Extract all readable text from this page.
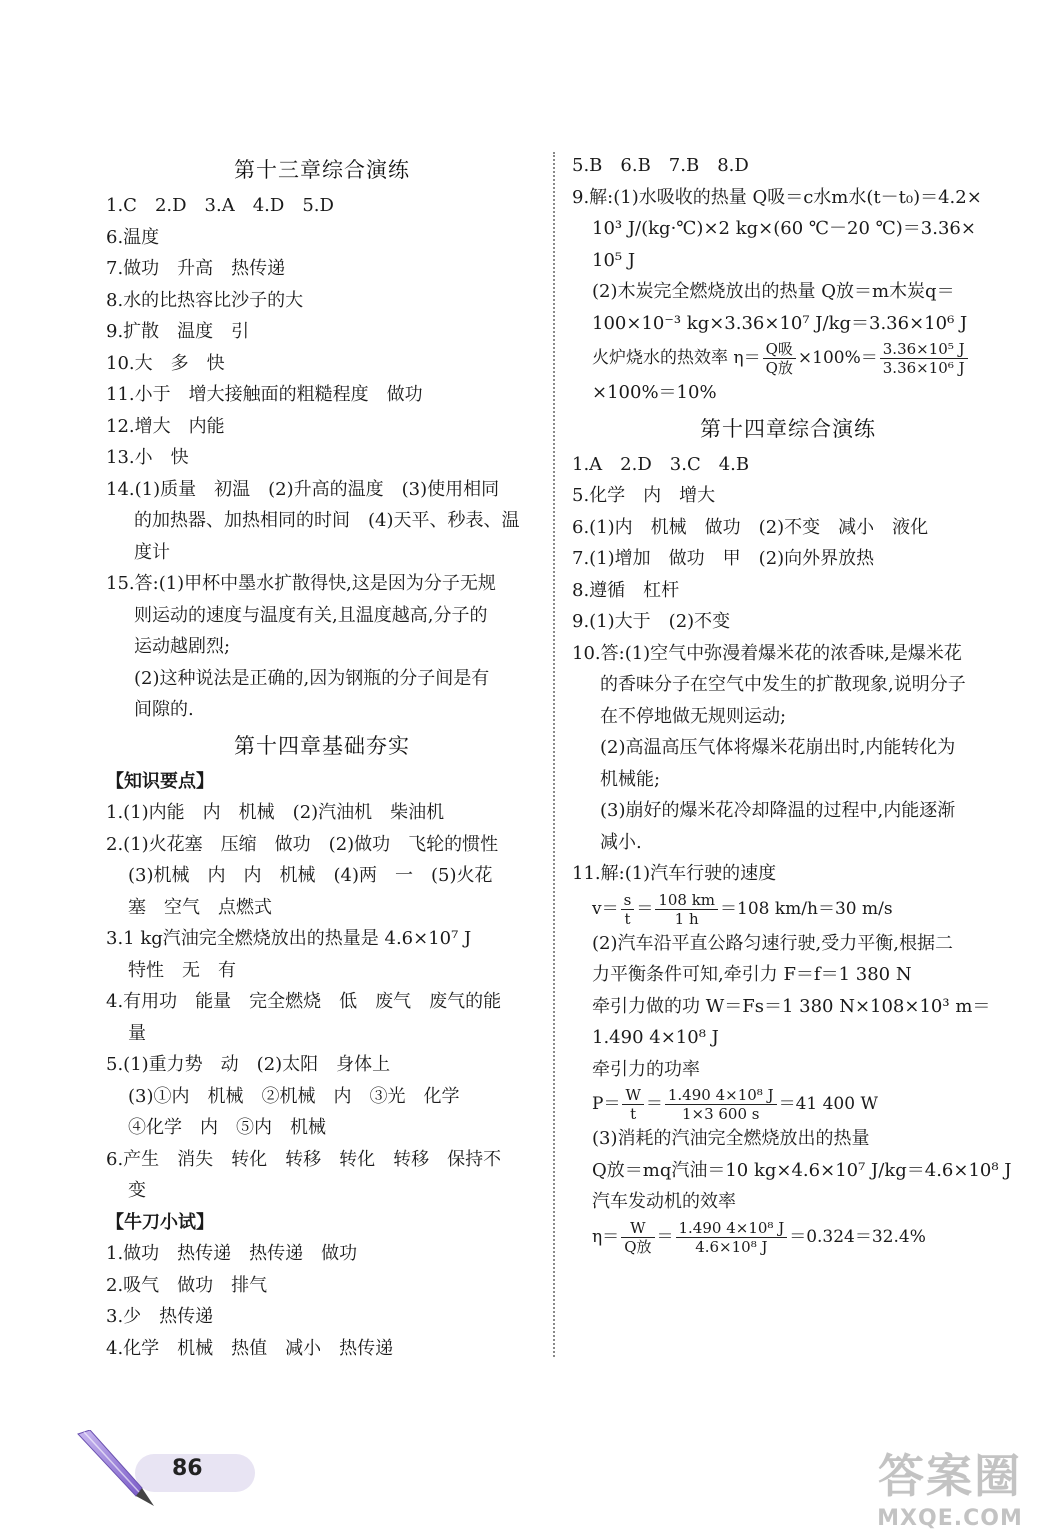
第十三章综合演练
1.C　2.D　3.A　4.D　5.D
6.温度
7.做功　升高　热传递
8.水的比热容比沙子的大
9.扩散　温度　引
10.大　多　快
11.小于　增大接触面的粗糙程度　做功
12.增大　内能
13.小　快
14.(1)质量　初温　(2)升高的温度　(3)使用相同
的加热器、加热相同的时间　(4)天平、秒表、温
度计
15.答:(1)甲杯中墨水扩散得快,这是因为分子无规
则运动的速度与温度有关,且温度越高,分子的
运动越剧烈;
(2)这种说法是正确的,因为钢瓶的分子间是有
间隙的.
第十四章基础夯实
【知识要点】
1.(1)内能　内　机械　(2)汽油机　柴油机
2.(1)火花塞　压缩　做功　(2)做功　飞轮的惯性
(3)机械　内　内　机械　(4)两　一　(5)火花
塞　空气　点燃式
3.1 kg汽油完全燃烧放出的热量是 4.6×10⁷ J
特性　无　有
4.有用功　能量　完全燃烧　低　废气　废气的能
量
5.(1)重力势　动　(2)太阳　身体上
(3)①内　机械　②机械　内　③光　化学
④化学　内　⑤内　机械
6.产生　消失　转化　转移　转化　转移　保持不
变
【牛刀小试】
1.做功　热传递　热传递　做功
2.吸气　做功　排气
3.少　热传递
4.化学　机械　热值　减小　热传递
5.B　6.B　7.B　8.D
9.解:(1)水吸收的热量 Q吸＝c水m水(t－t₀)＝4.2×
10³ J/(kg·℃)×2 kg×(60 ℃－20 ℃)＝3.36×
10⁵ J
(2)木炭完全燃烧放出的热量 Q放＝m木炭q＝
100×10⁻³ kg×3.36×10⁷ J/kg＝3.36×10⁶ J
火炉烧水的热效率 $\eta= \frac{\text{Q吸}}{\text{Q放}} \times 100\%= \frac{\text{3.36×10⁵ J}}{\text{3.36×10⁶ J}}$
×100%＝10%
第十四章综合演练
1.A　2.D　3.C　4.B
5.化学　内　增大
6.(1)内　机械　做功　(2)不变　减小　液化
7.(1)增加　做功　甲　(2)向外界放热
8.遵循　杠杆
9.(1)大于　(2)不变
10.答:(1)空气中弥漫着爆米花的浓香味,是爆米花
的香味分子在空气中发生的扩散现象,说明分子
在不停地做无规则运动;
(2)高温高压气体将爆米花崩出时,内能转化为
机械能;
(3)崩好的爆米花冷却降温的过程中,内能逐渐
减小.
11.解:(1)汽车行驶的速度
$v= \frac{s}{t} = \frac{108 km}{1 h} =108$ km/h＝30 m/s
(2)汽车沿平直公路匀速行驶,受力平衡,根据二
力平衡条件可知,牵引力 F＝f＝1 380 N
牵引力做的功 W＝Fs＝1 380 N×108×10³ m＝
1.490 4×10⁸ J
牵引力的功率
$P= \frac{W}{t} = \frac{\text{1.490 4×10⁸ J}}{1\times 3 600 s} =41$ 400 W
(3)消耗的汽油完全燃烧放出的热量
Q放＝mq汽油＝10 kg×4.6×10⁷ J/kg＝4.6×10⁸ J
汽车发动机的效率
$\eta= \frac{W}{\text{Q放}} = \frac{\text{1.490 4×10⁸ J}}{\text{4.6×10⁸ J}} =0.324=32.4\%$
86	答案圈
MXQE.COM
